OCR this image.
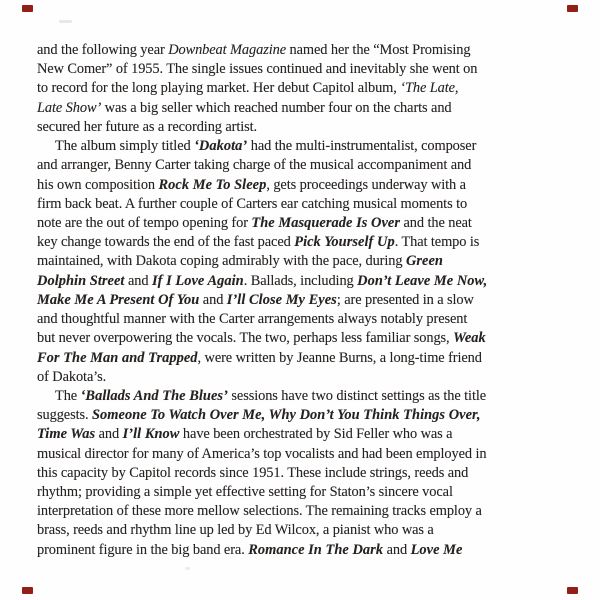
and the following year Downbeat Magazine named her the “Most Promising
New Comer” of 1955. The single issues continued and inevitably she went on
to record for the long playing market. Her debut Capitol album, ‘The Late,
Late Show’ was a big seller which reached number four on the charts and
secured her future as a recording artist.
The album simply titled ‘Dakota’ had the multi-instrumentalist, composer
and arranger, Benny Carter taking charge of the musical accompaniment and
his own composition Rock Me To Sleep, gets proceedings underway with a
firm back beat. A further couple of Carters ear catching musical moments to
note are the out of tempo opening for The Masquerade Is Over and the neat
key change towards the end of the fast paced Pick Yourself Up. That tempo is
maintained, with Dakota coping admirably with the pace, during Green
Dolphin Street and If I Love Again. Ballads, including Don’t Leave Me Now,
Make Me A Present Of You and I’ll Close My Eyes; are presented in a slow
and thoughtful manner with the Carter arrangements always notably present
but never overpowering the vocals. The two, perhaps less familiar songs, Weak
For The Man and Trapped, were written by Jeanne Burns, a long-time friend
of Dakota’s.
The ‘Ballads And The Blues’ sessions have two distinct settings as the title
suggests. Someone To Watch Over Me, Why Don’t You Think Things Over,
Time Was and I’ll Know have been orchestrated by Sid Feller who was a
musical director for many of America’s top vocalists and had been employed in
this capacity by Capitol records since 1951. These include strings, reeds and
rhythm; providing a simple yet effective setting for Staton’s sincere vocal
interpretation of these more mellow selections. The remaining tracks employ a
brass, reeds and rhythm line up led by Ed Wilcox, a pianist who was a
prominent figure in the big band era. Romance In The Dark and Love Me
